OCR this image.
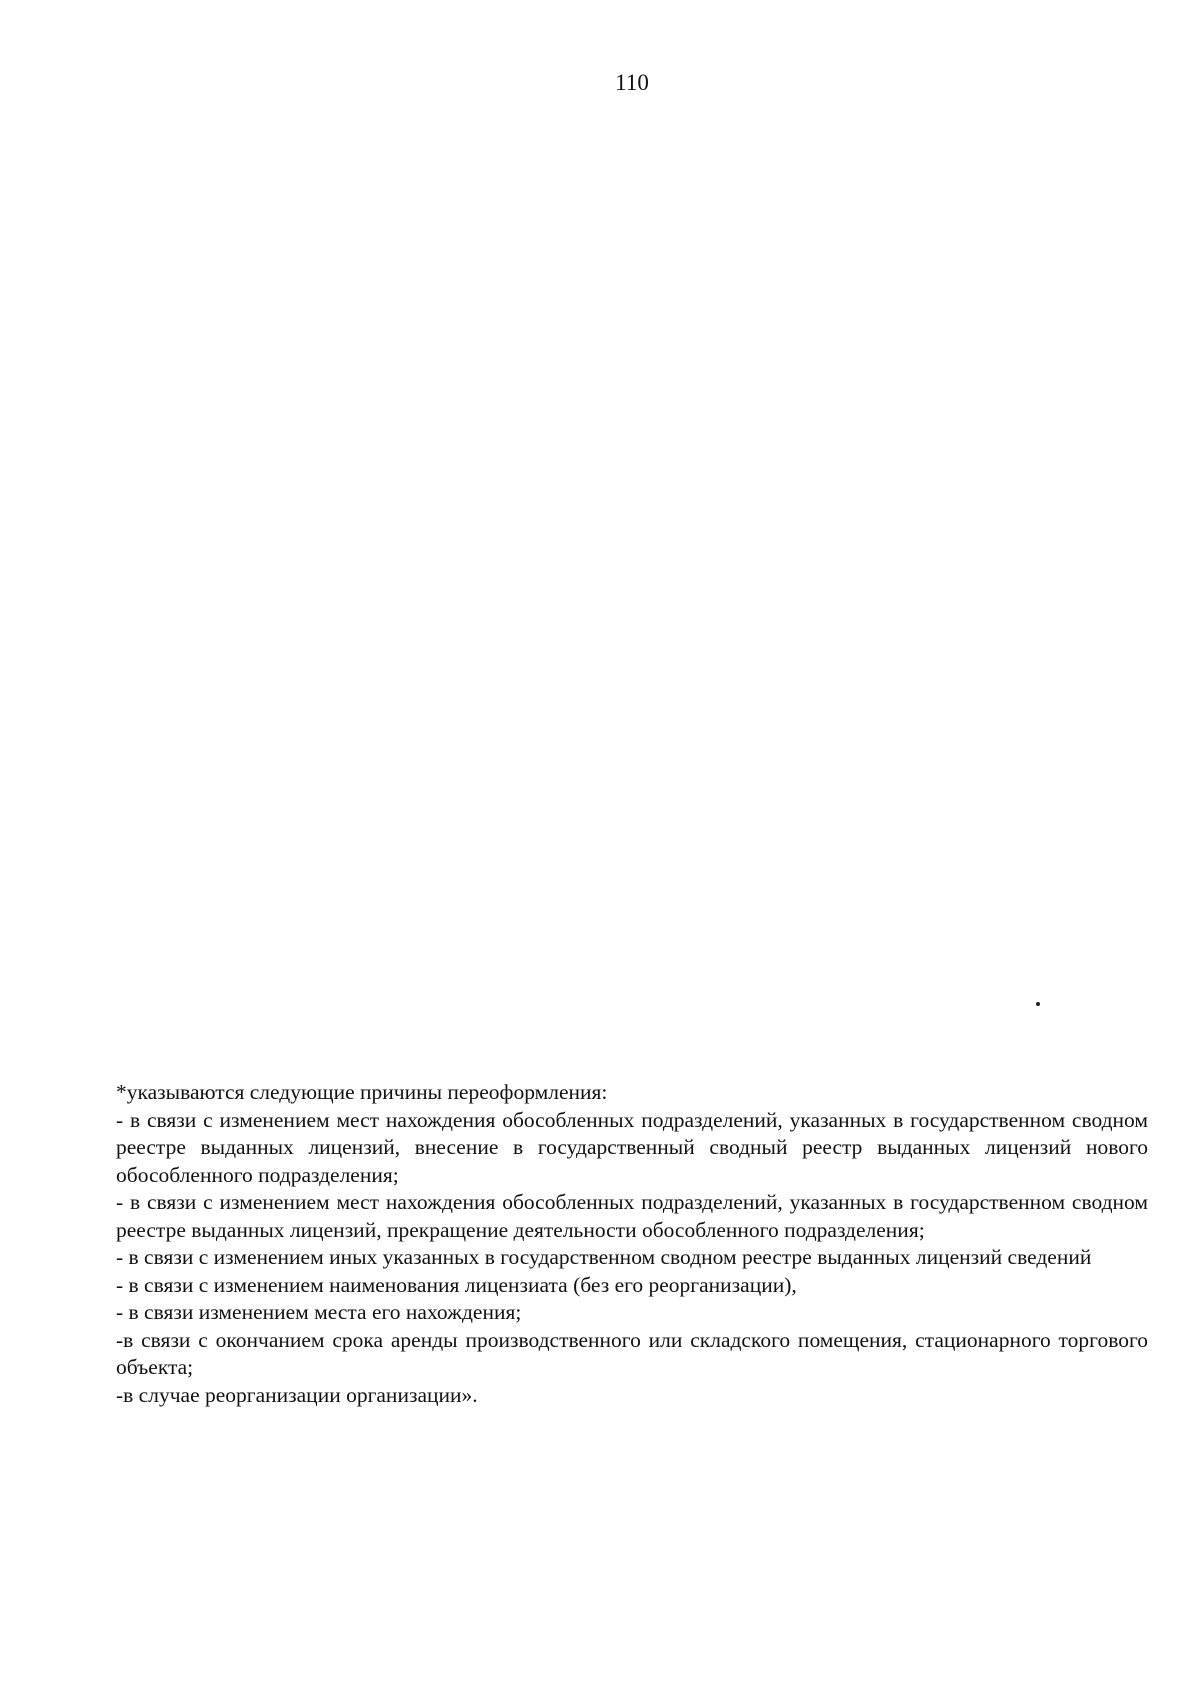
110

*указываются следующие причины переоформления:

- в связи с изменением мест нахождения обособленных подразделений, указанных в государственном сводном реестре выданных лицензий, внесение в государственный сводный реестр выданных лицензий нового обособленного подразделения;

- в связи с изменением мест нахождения обособленных подразделений, указанных в государственном сводном реестре выданных лицензий, прекращение деятельности обособленного подразделения;

- в связи с изменением иных указанных в государственном сводном реестре выданных лицензий сведений

- в связи с изменением наименования лицензиата (без его реорганизации),

- в связи изменением места его нахождения;

-в связи с окончанием срока аренды производственного или складского помещения, стационарного торгового объекта;

-в случае реорганизации организации».
